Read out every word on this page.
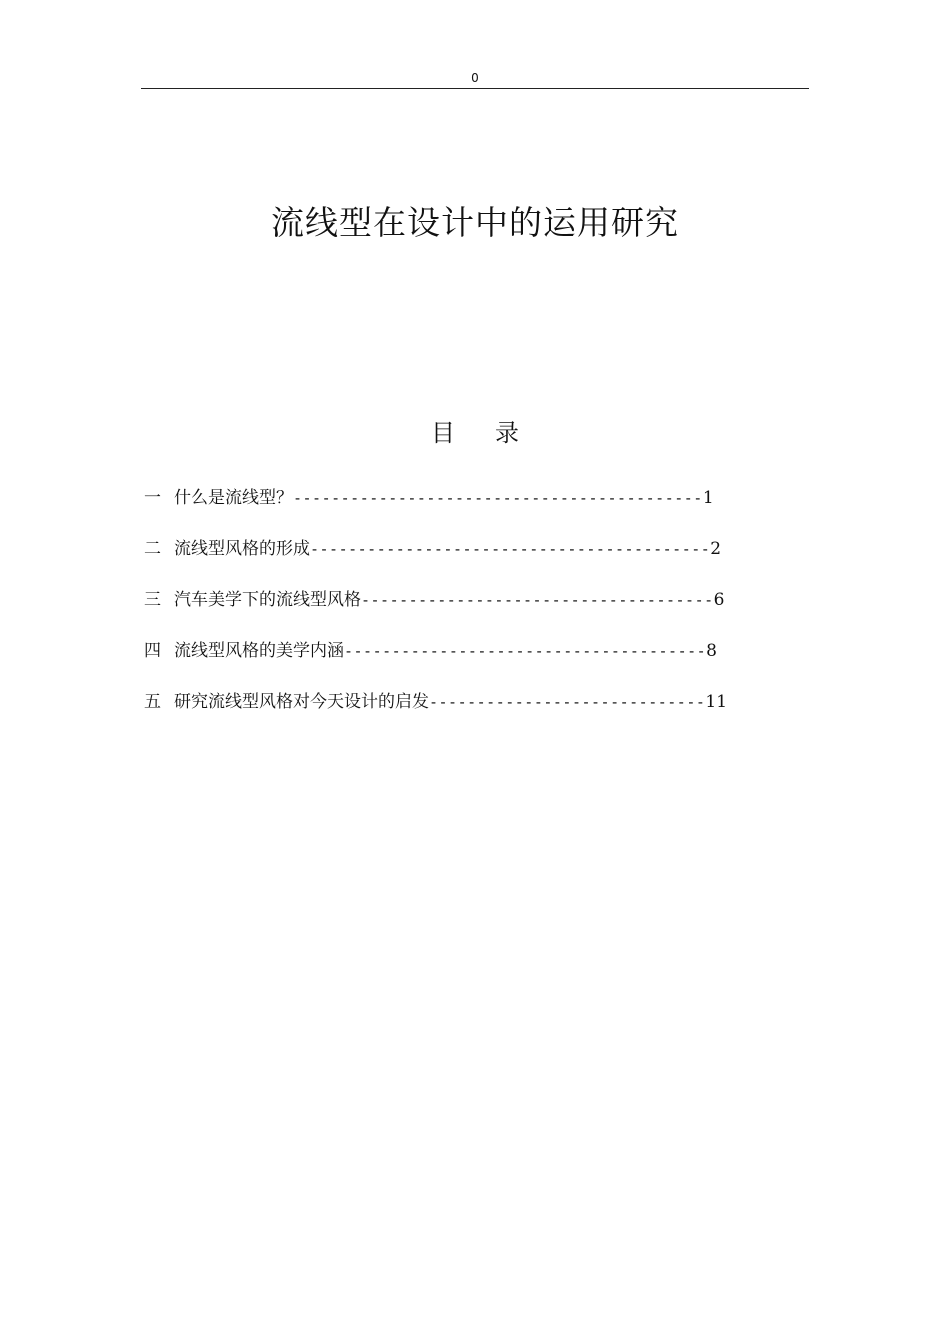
0
流线型在设计中的运用研究
目录
一 什么是流线型？ ------------------------------------------- 1
二 流线型风格的形成 ------------------------------------------ 2
三 汽车美学下的流线型风格 ------------------------------------- 6
四 流线型风格的美学内涵 -------------------------------------- 8
五 研究流线型风格对今天设计的启发 ----------------------------- 11
